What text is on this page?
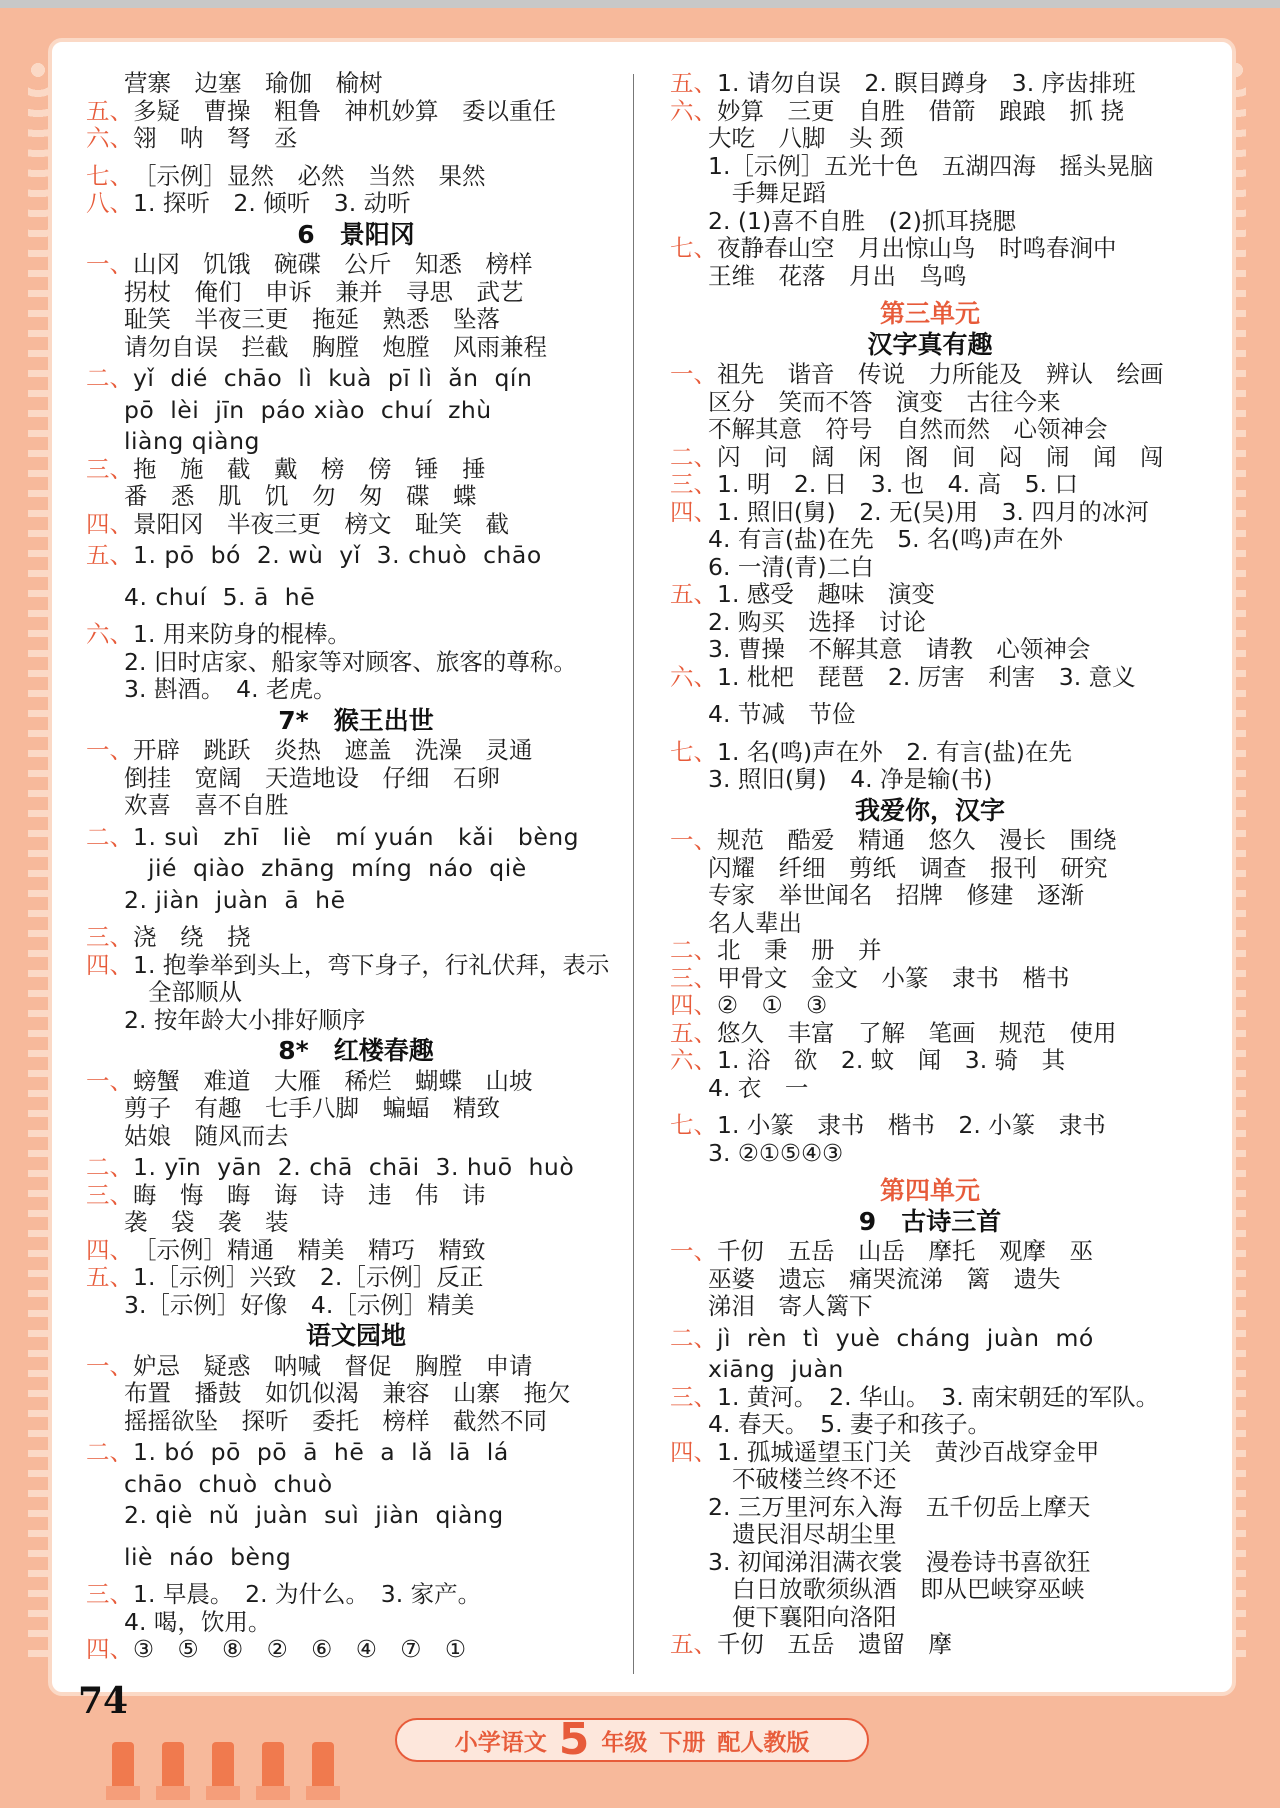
营寨　边塞　瑜伽　榆树
五、 多疑　曹操　粗鲁　神机妙算　委以重任
六、 翎　呐　弩　丞
七、 ［示例］显然　必然　当然　果然
八、 1. 探听　2. 倾听　3. 动听
6　景阳冈
一、 山冈　饥饿　碗碟　公斤　知悉　榜样
拐杖　俺们　申诉　兼并　寻思　武艺
耻笑　半夜三更　拖延　熟悉　坠落
请勿自误　拦截　胸膛　炮膛　风雨兼程
二、 yǐ  dié  chāo  lì  kuà  pī lì  ǎn  qín
pō  lèi  jīn  páo xiào  chuí  zhù
liàng qiàng
三、 拖　施　截　戴　榜　傍　锤　捶
番　悉　肌　饥　勿　匆　碟　蝶
四、 景阳冈　半夜三更　榜文　耻笑　截
五、 1. pō  bó  2. wù  yǐ  3. chuò  chāo
4. chuí  5. ā  hē
六、 1. 用来防身的棍棒。
2. 旧时店家、船家等对顾客、旅客的尊称。
3. 斟酒。　4. 老虎。
7*　猴王出世
一、 开辟　跳跃　炎热　遮盖　洗澡　灵通
倒挂　宽阔　天造地设　仔细　石卵
欢喜　喜不自胜
二、 1. suì   zhī   liè   mí yuán   kǎi   bèng
jié  qiào  zhāng  míng  náo  qiè
2. jiàn  juàn  ā  hē
三、 浇　绕　挠
四、 1. 抱拳举到头上，弯下身子，行礼伏拜，表示
全部顺从
2. 按年龄大小排好顺序
8*　红楼春趣
一、 螃蟹　难道　大雁　稀烂　蝴蝶　山坡
剪子　有趣　七手八脚　蝙蝠　精致
姑娘　随风而去
二、 1. yīn  yān  2. chā  chāi  3. huō  huò
三、 晦　悔　晦　诲　诗　违　伟　讳
袭　袋　袭　装
四、 ［示例］精通　精美　精巧　精致
五、 1.［示例］兴致　2.［示例］反正
3.［示例］好像　4.［示例］精美
语文园地
一、 妒忌　疑惑　呐喊　督促　胸膛　申请
布置　播鼓　如饥似渴　兼容　山寨　拖欠
摇摇欲坠　探听　委托　榜样　截然不同
二、 1. bó  pō  pō  ā  hē  a  lǎ  lā  lá
chāo  chuò  chuò
2. qiè  nǔ  juàn  suì  jiàn  qiàng
liè  náo  bèng
三、 1. 早晨。　2. 为什么。　3. 家产。
4. 喝，饮用。
四、 ③　⑤　⑧　②　⑥　④　⑦　①
五、 1. 请勿自误　2. 瞑目蹲身　3. 序齿排班
六、 妙算　三更　自胜　借箭　踉踉　抓 挠
大吃　八脚　头 颈
1.［示例］五光十色　五湖四海　摇头晃脑
手舞足蹈
2. (1)喜不自胜　(2)抓耳挠腮
七、 夜静春山空　月出惊山鸟　时鸣春涧中
王维　花落　月出　鸟鸣
第三单元
汉字真有趣
一、 祖先　谐音　传说　力所能及　辨认　绘画
区分　笑而不答　演变　古往今来
不解其意　符号　自然而然　心领神会
二、 闪　问　阔　闲　阁　间　闷　闹　闻　闯
三、 1. 明　2. 日　3. 也　4. 高　5. 口
四、 1. 照旧(舅)　2. 无(吴)用　3. 四月的冰河
4. 有言(盐)在先　5. 名(鸣)声在外
6. 一清(青)二白
五、 1. 感受　趣味　演变
2. 购买　选择　讨论
3. 曹操　不解其意　请教　心领神会
六、 1. 枇杷　琵琶　2. 厉害　利害　3. 意义
4. 节减　节俭
七、 1. 名(鸣)声在外　2. 有言(盐)在先
3. 照旧(舅)　4. 净是输(书)
我爱你，汉字
一、 规范　酷爱　精通　悠久　漫长　围绕
闪耀　纤细　剪纸　调查　报刊　研究
专家　举世闻名　招牌　修建　逐渐
名人辈出
二、 北　秉　册　并
三、 甲骨文　金文　小篆　隶书　楷书
四、 ②　①　③
五、 悠久　丰富　了解　笔画　规范　使用
六、 1. 浴　欲　2. 蚊　闻　3. 骑　其
4. 衣　一
七、 1. 小篆　隶书　楷书　2. 小篆　隶书
3. ②①⑤④③
第四单元
9　古诗三首
一、 千仞　五岳　山岳　摩托　观摩　巫
巫婆　遗忘　痛哭流涕　篱　遗失
涕泪　寄人篱下
二、 jì  rèn  tì  yuè  cháng  juàn  mó
xiāng  juàn
三、 1. 黄河。　2. 华山。　3. 南宋朝廷的军队。
4. 春天。　5. 妻子和孩子。
四、 1. 孤城遥望玉门关　黄沙百战穿金甲
不破楼兰终不还
2. 三万里河东入海　五千仞岳上摩天
遗民泪尽胡尘里
3. 初闻涕泪满衣裳　漫卷诗书喜欲狂
白日放歌须纵酒　即从巴峡穿巫峡
便下襄阳向洛阳
五、 千仞　五岳　遗留　摩
74
小学语文 5 年级 下册 配人教版
